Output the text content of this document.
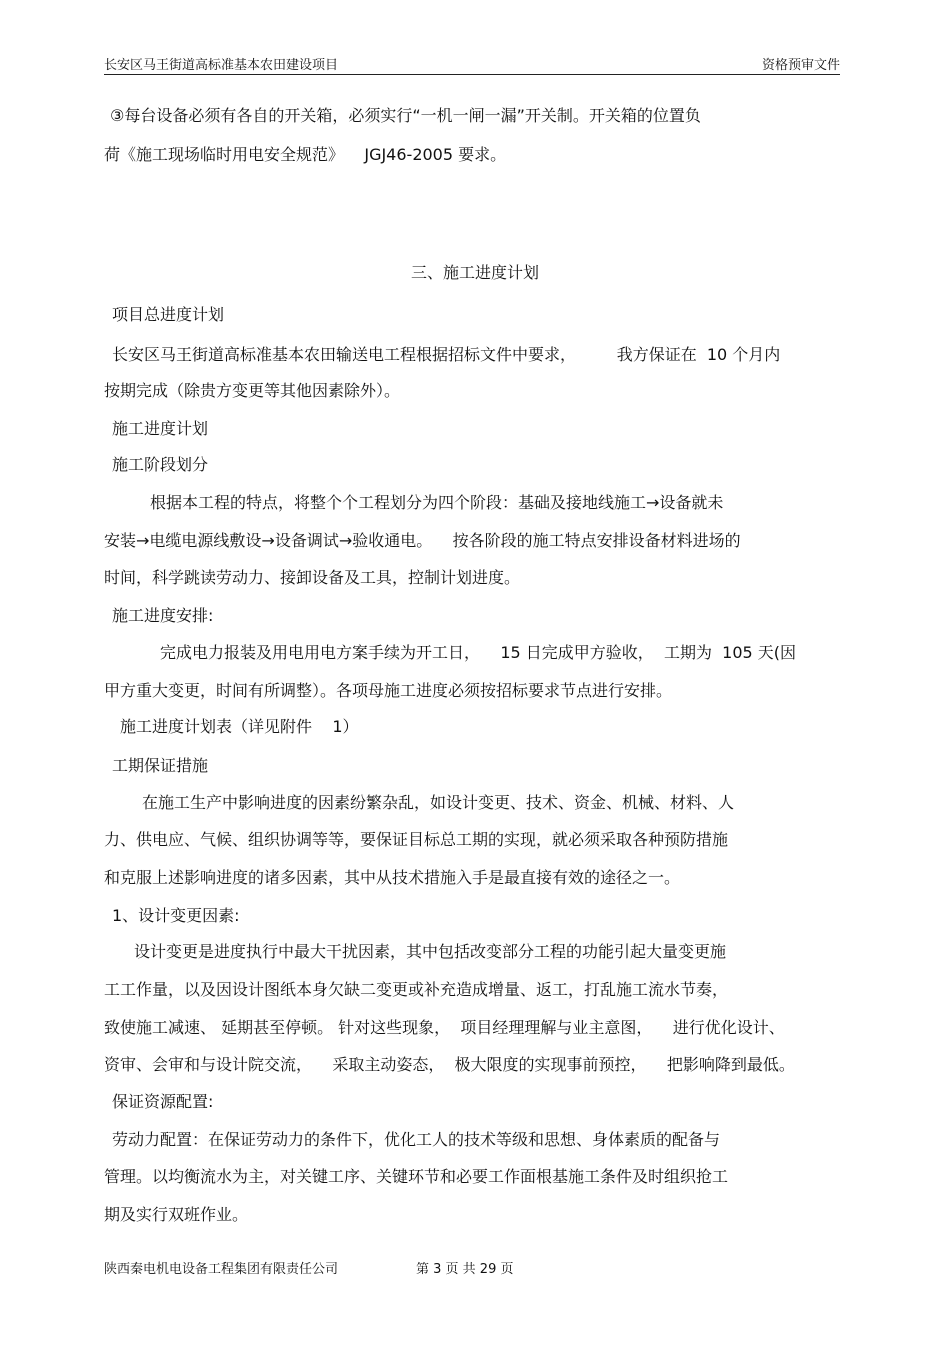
长安区马王街道高标准基本农田建设项目	资格预审文件
③每台设备必须有各自的开关箱，必须实行“一机一闸一漏”开关制。开关箱的位置负
荷《施工现场临时用电安全规范》    JGJ46-2005 要求。
三、施工进度计划
项目总进度计划
长安区马王街道高标准基本农田输送电工程根据招标文件中要求，        我方保证在  10 个月内
按期完成（除贵方变更等其他因素除外）。
施工进度计划
施工阶段划分
根据本工程的特点，将整个个工程划分为四个阶段：基础及接地线施工→设备就未
安装→电缆电源线敷设→设备调试→验收通电。    按各阶段的施工特点安排设备材料进场的
时间，科学跳读劳动力、接卸设备及工具，控制计划进度。
施工进度安排:
完成电力报装及用电用电方案手续为开工日，    15 日完成甲方验收，  工期为  105 天(因
甲方重大变更，时间有所调整）。各项母施工进度必须按招标要求节点进行安排。
施工进度计划表（详见附件    1）
工期保证措施
在施工生产中影响进度的因素纷繁杂乱，如设计变更、技术、资金、机械、材料、人
力、供电应、气候、组织协调等等，要保证目标总工期的实现，就必须采取各种预防措施
和克服上述影响进度的诸多因素，其中从技术措施入手是最直接有效的途径之一。
1、设计变更因素:
设计变更是进度执行中最大干扰因素，其中包括改变部分工程的功能引起大量变更施
工工作量，以及因设计图纸本身欠缺二变更或补充造成增量、返工，打乱施工流水节奏，
致使施工减速、 延期甚至停顿。 针对这些现象，  项目经理理解与业主意图，    进行优化设计、
资审、会审和与设计院交流，    采取主动姿态，  极大限度的实现事前预控，    把影响降到最低。
保证资源配置:
劳动力配置：在保证劳动力的条件下，优化工人的技术等级和思想、身体素质的配备与
管理。以均衡流水为主，对关键工序、关键环节和必要工作面根基施工条件及时组织抢工
期及实行双班作业。
陕西秦电机电设备工程集团有限责任公司	第 3 页 共 29 页
